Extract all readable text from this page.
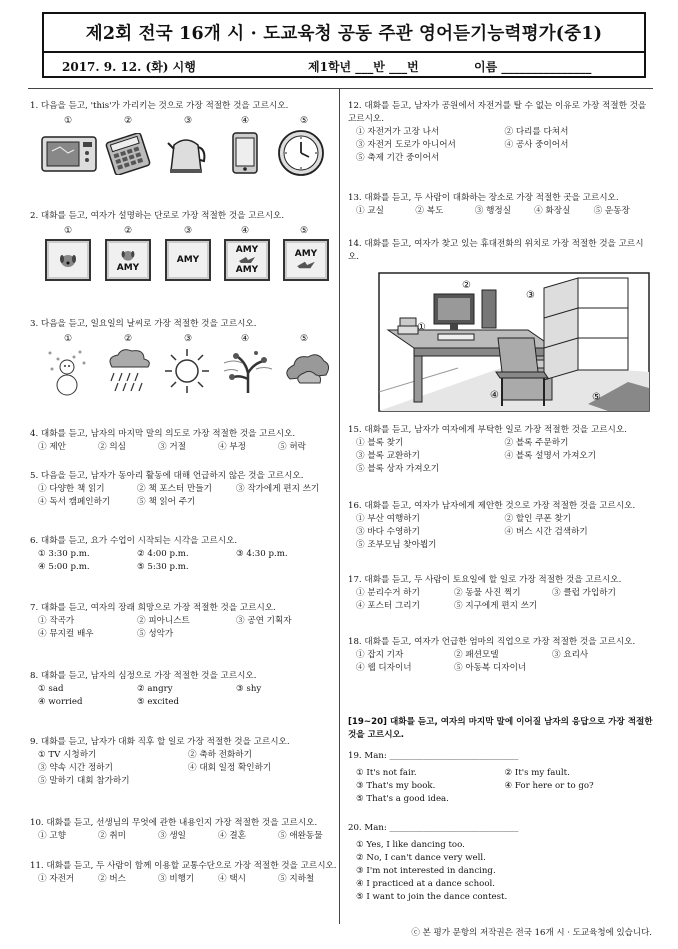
제2회 전국 16개 시 · 도교육청 공동 주관 영어듣기능력평가(중1)
2017. 9. 12. (화) 시행	제1학년 ___반 ___번	이름 _______________
1. 다음을 듣고, 'this'가 가리키는 것으로 가장 적절한 것을 고르시오.
①	②	③	④	⑤
2. 대화를 듣고, 여자가 설명하는 단로로 가장 적절한 것을 고르시오.
①	②	③	④	⑤
AMY
AMY
AMY
AMY
AMY
3. 다음을 듣고, 일요일의 날씨로 가장 적절한 것을 고르시오.
①	②	③	④	⑤
4. 대화를 듣고, 남자의 마지막 말의 의도로 가장 적절한 것을 고르시오.
① 제안	② 의심	③ 거절	④ 부정	⑤ 허락
5. 다음을 듣고, 남자가 동아리 활동에 대해 언급하지 않은 것을 고르시오.
① 다양한 책 읽기	② 책 포스터 만들기	③ 작가에게 편지 쓰기
④ 독서 캠페인하기	⑤ 책 읽어 주기
6. 대화를 듣고, 요가 수업이 시작되는 시각을 고르시오.
① 3:30 p.m.	② 4:00 p.m.	③ 4:30 p.m.
④ 5:00 p.m.	⑤ 5:30 p.m.
7. 대화를 듣고, 여자의 장래 희망으로 가장 적절한 것을 고르시오.
① 작곡가	② 피아니스트	③ 공연 기획자
④ 뮤지컬 배우	⑤ 성악가
8. 대화를 듣고, 남자의 심정으로 가장 적절한 것을 고르시오.
① sad	② angry	③ shy
④ worried	⑤ excited
9. 대화를 듣고, 남자가 대화 직후 할 일로 가장 적절한 것을 고르시오.
① TV 시청하기	② 축하 전화하기
③ 약속 시간 정하기	④ 대회 일정 확인하기
⑤ 말하기 대회 참가하기
10. 대화를 듣고, 선생님의 무엇에 관한 내용인지 가장 적절한 것을 고르시오.
① 고향	② 취미	③ 생일	④ 결혼	⑤ 애완동물
11. 대화를 듣고, 두 사람이 함께 이용할 교통수단으로 가장 적절한 것을 고르시오.
① 자전거	② 버스	③ 비행기	④ 택시	⑤ 지하철
12. 대화를 듣고, 남자가 공원에서 자전거를 탈 수 없는 이유로 가장 적절한 것을 고르시오.
① 자전거가 고장 나서	② 다리를 다쳐서
③ 자전거 도로가 아니어서	④ 공사 중이어서
⑤ 축제 기간 중이어서
13. 대화를 듣고, 두 사람이 대화하는 장소로 가장 적절한 곳을 고르시오.
① 교실	② 복도	③ 행정실	④ 화장실	⑤ 운동장
14. 대화를 듣고, 여자가 찾고 있는 휴대전화의 위치로 가장 적절한 것을 고르시오.
①
②
③
④	⑤
15. 대화를 듣고, 남자가 여자에게 부탁한 일로 가장 적절한 것을 고르시오.
① 블록 찾기	② 블록 주문하기
③ 블록 교환하기	④ 블록 설명서 가져오기
⑤ 블록 상자 가져오기
16. 대화를 듣고, 여자가 남자에게 제안한 것으로 가장 적절한 것을 고르시오.
① 부산 여행하기	② 할인 쿠폰 찾기
③ 바다 수영하기	④ 버스 시간 검색하기
⑤ 조부모님 찾아뵙기
17. 대화를 듣고, 두 사람이 토요일에 할 일로 가장 적절한 것을 고르시오.
① 분리수거 하기	② 동물 사진 찍기	③ 클럽 가입하기
④ 포스터 그리기	⑤ 지구에게 편지 쓰기
18. 대화를 듣고, 여자가 언급한 엄마의 직업으로 가장 적절한 것을 고르시오.
① 잡지 기자	② 패션모델	③ 요리사
④ 웹 디자이너	⑤ 아동복 디자이너
[19~20] 대화를 듣고, 여자의 마지막 말에 이어질 남자의 응답으로 가장 적절한 것을 고르시오.
19. Man: ______________________________
① It's not fair.	② It's my fault.
③ That's my book.	④ For here or to go?
⑤ That's a good idea.
20. Man: ______________________________
① Yes, I like dancing too.
② No, I can't dance very well.
③ I'm not interested in dancing.
④ I practiced at a dance school.
⑤ I want to join the dance contest.
ⓒ 본 평가 문항의 저작권은 전국 16개 시 · 도교육청에 있습니다.
